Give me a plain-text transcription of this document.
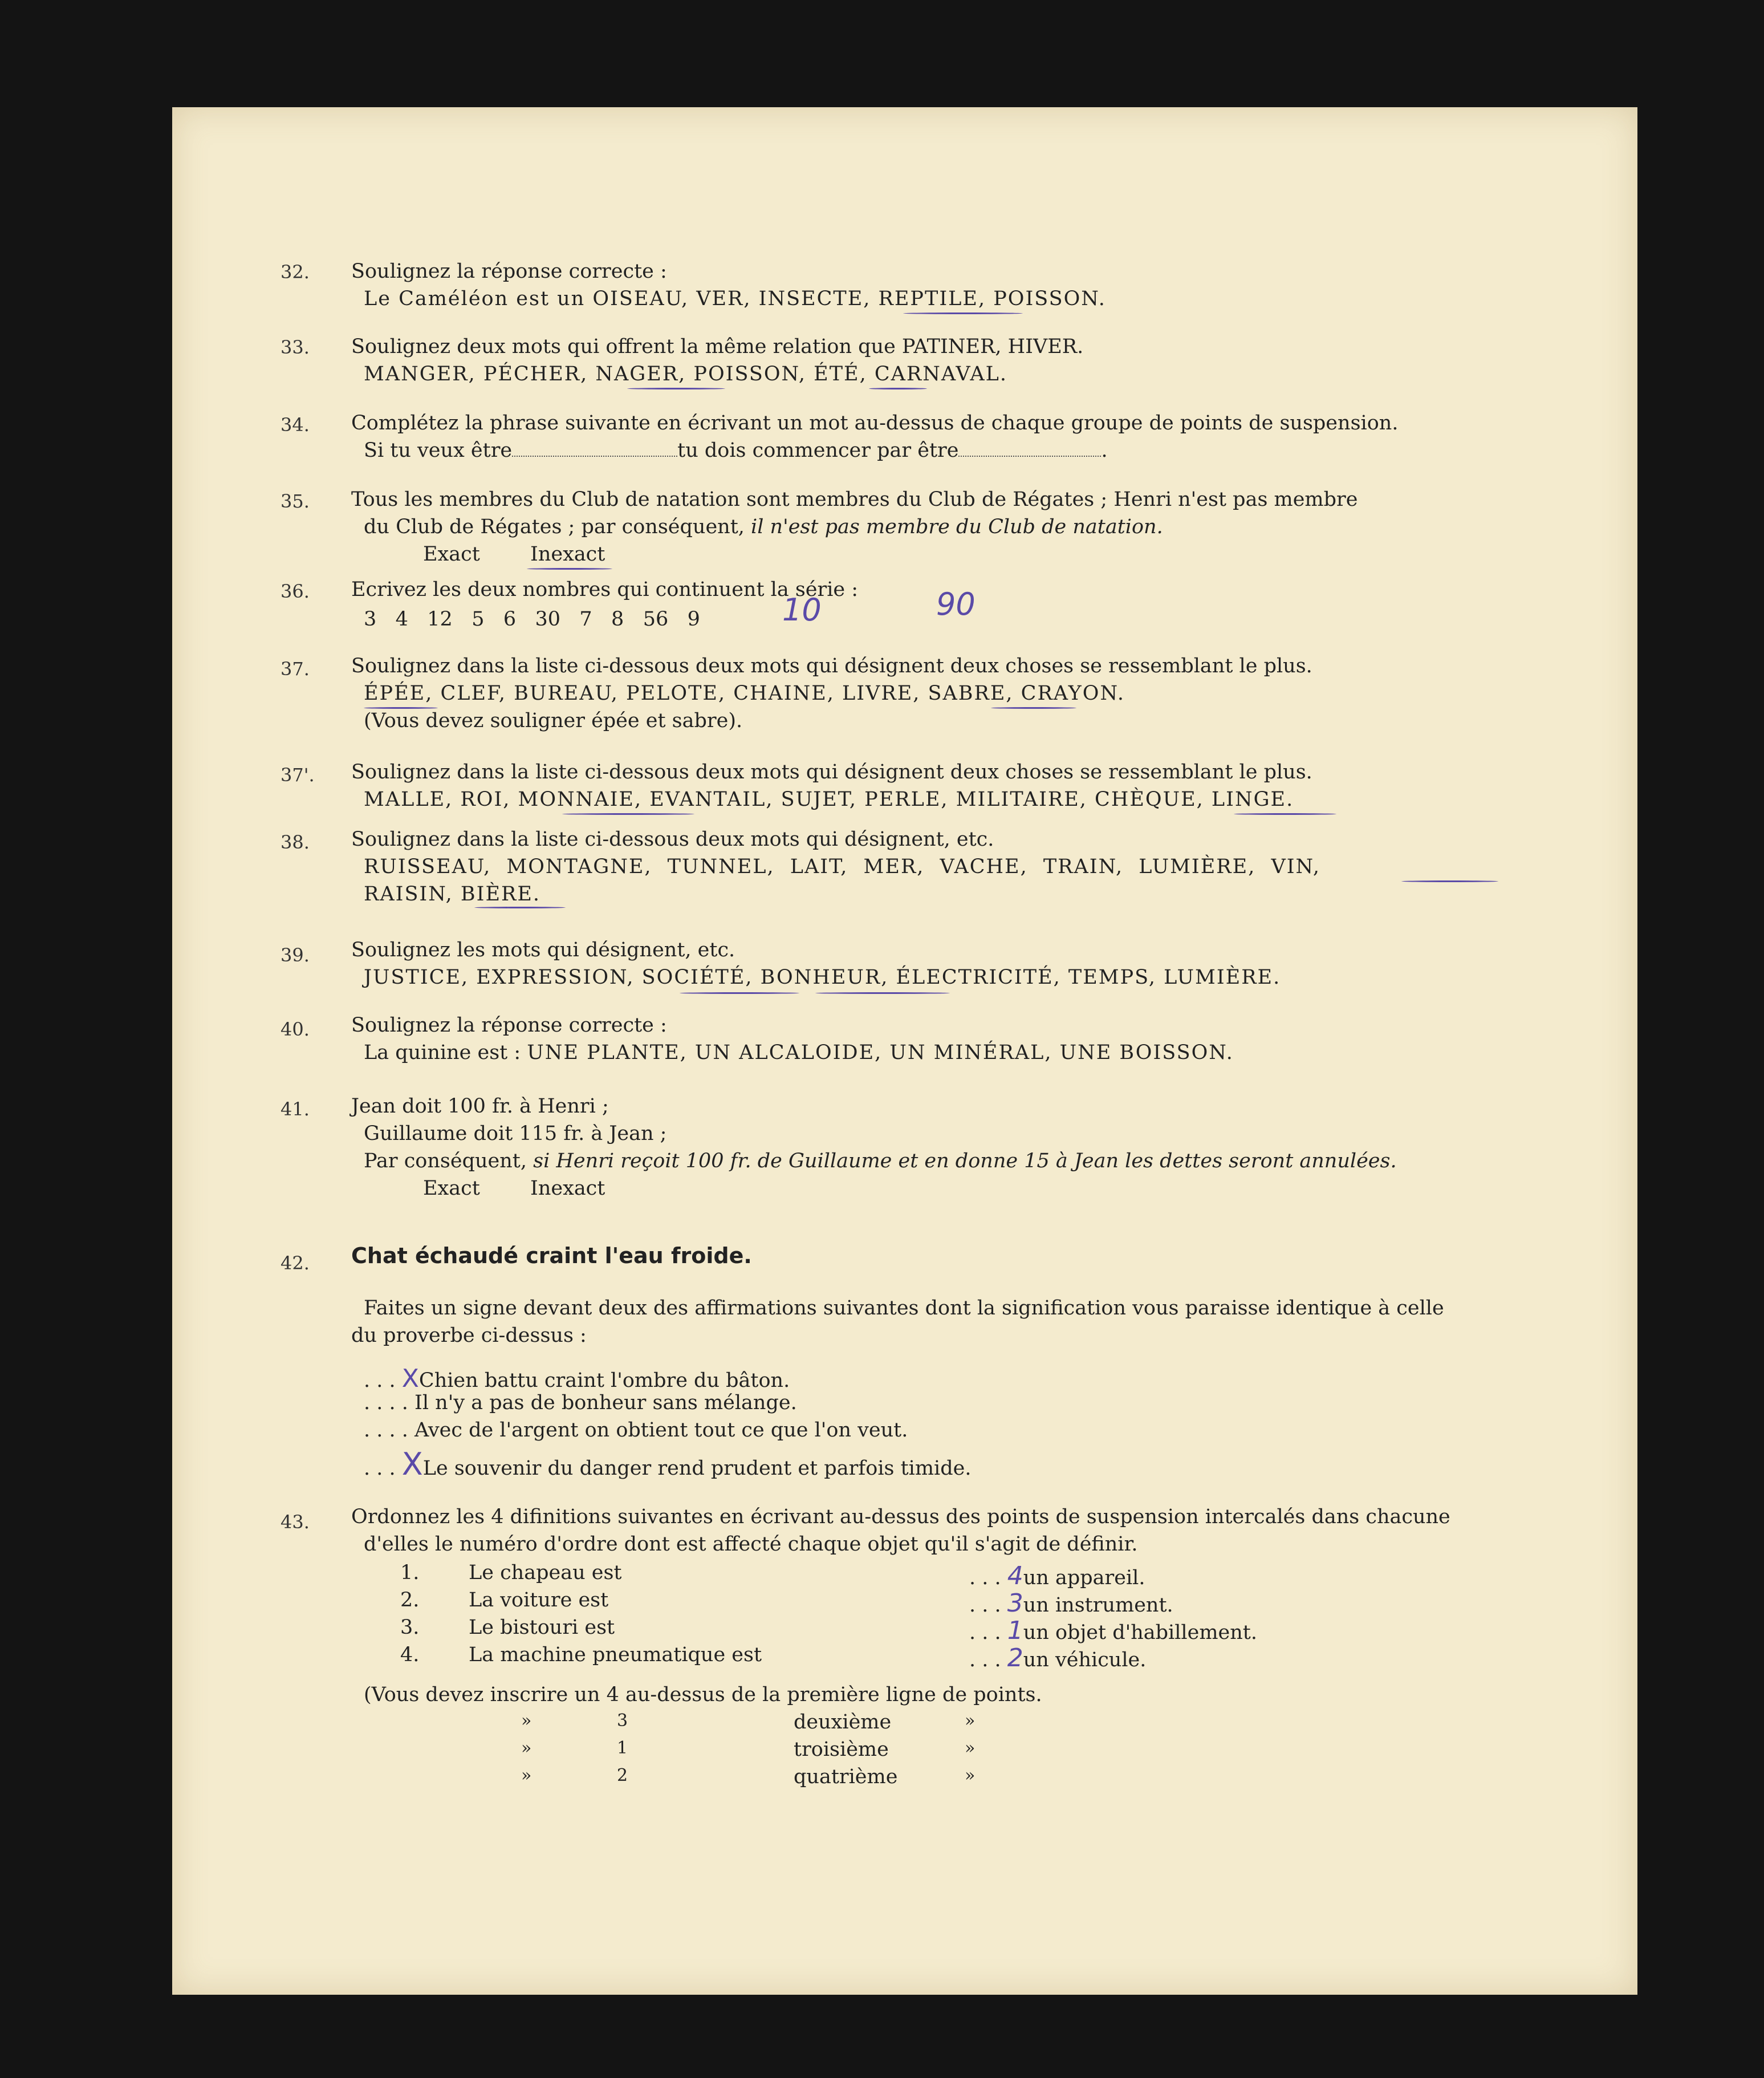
32. Soulignez la réponse correcte :
Le Caméléon est un OISEAU, VER, INSECTE, REPTILE, POISSON.
33. Soulignez deux mots qui offrent la même relation que PATINER, HIVER.
MANGER, PÉCHER, NAGER, POISSON, ÉTÉ, CARNAVAL.
34. Complétez la phrase suivante en écrivant un mot au-dessus de chaque groupe de points de suspension.
Si tu veux être	tu dois commencer par être	.
35. Tous les membres du Club de natation sont membres du Club de Régates ; Henri n'est pas membre
du Club de Régates ; par conséquent, il n'est pas membre du Club de natation.
Exact	Inexact
36. Ecrivez les deux nombres qui continuent la série :
3   4   12   5   6   30   7   8   56   9	10	90
37. Soulignez dans la liste ci-dessous deux mots qui désignent deux choses se ressemblant le plus.
ÉPÉE, CLEF, BUREAU, PELOTE, CHAINE, LIVRE, SABRE, CRAYON.
(Vous devez souligner épée et sabre).
37'. Soulignez dans la liste ci-dessous deux mots qui désignent deux choses se ressemblant le plus.
MALLE, ROI, MONNAIE, EVANTAIL, SUJET, PERLE, MILITAIRE, CHÈQUE, LINGE.
38. Soulignez dans la liste ci-dessous deux mots qui désignent, etc.
RUISSEAU, MONTAGNE, TUNNEL, LAIT, MER, VACHE, TRAIN, LUMIÈRE, VIN,
RAISIN, BIÈRE.
39. Soulignez les mots qui désignent, etc.
JUSTICE, EXPRESSION, SOCIÉTÉ, BONHEUR, ÉLECTRICITÉ, TEMPS, LUMIÈRE.
40. Soulignez la réponse correcte :
La quinine est : UNE PLANTE, UN ALCALOIDE, UN MINÉRAL, UNE BOISSON.
41. Jean doit 100 fr. à Henri ;
Guillaume doit 115 fr. à Jean ;
Par conséquent, si Henri reçoit 100 fr. de Guillaume et en donne 15 à Jean les dettes seront annulées.
Exact	Inexact
42. Chat échaudé craint l'eau froide.
Faites un signe devant deux des affirmations suivantes dont la signification vous paraisse identique à celle
du proverbe ci-dessus :
. . . XChien battu craint l'ombre du bâton.
. . . . Il n'y a pas de bonheur sans mélange.
. . . . Avec de l'argent on obtient tout ce que l'on veut.
. . . XLe souvenir du danger rend prudent et parfois timide.
43. Ordonnez les 4 difinitions suivantes en écrivant au-dessus des points de suspension intercalés dans chacune
d'elles le numéro d'ordre dont est affecté chaque objet qu'il s'agit de définir.
1. Le chapeau est	. . . 4un appareil.
2. La voiture est	. . . 3un instrument.
3. Le bistouri est	. . . 1un objet d'habillement.
4. La machine pneumatique est	. . . 2un véhicule.
(Vous devez inscrire un 4 au-dessus de la première ligne de points.
»	3	deuxième	»
»	1	troisième	»
»	2	quatrième	»
